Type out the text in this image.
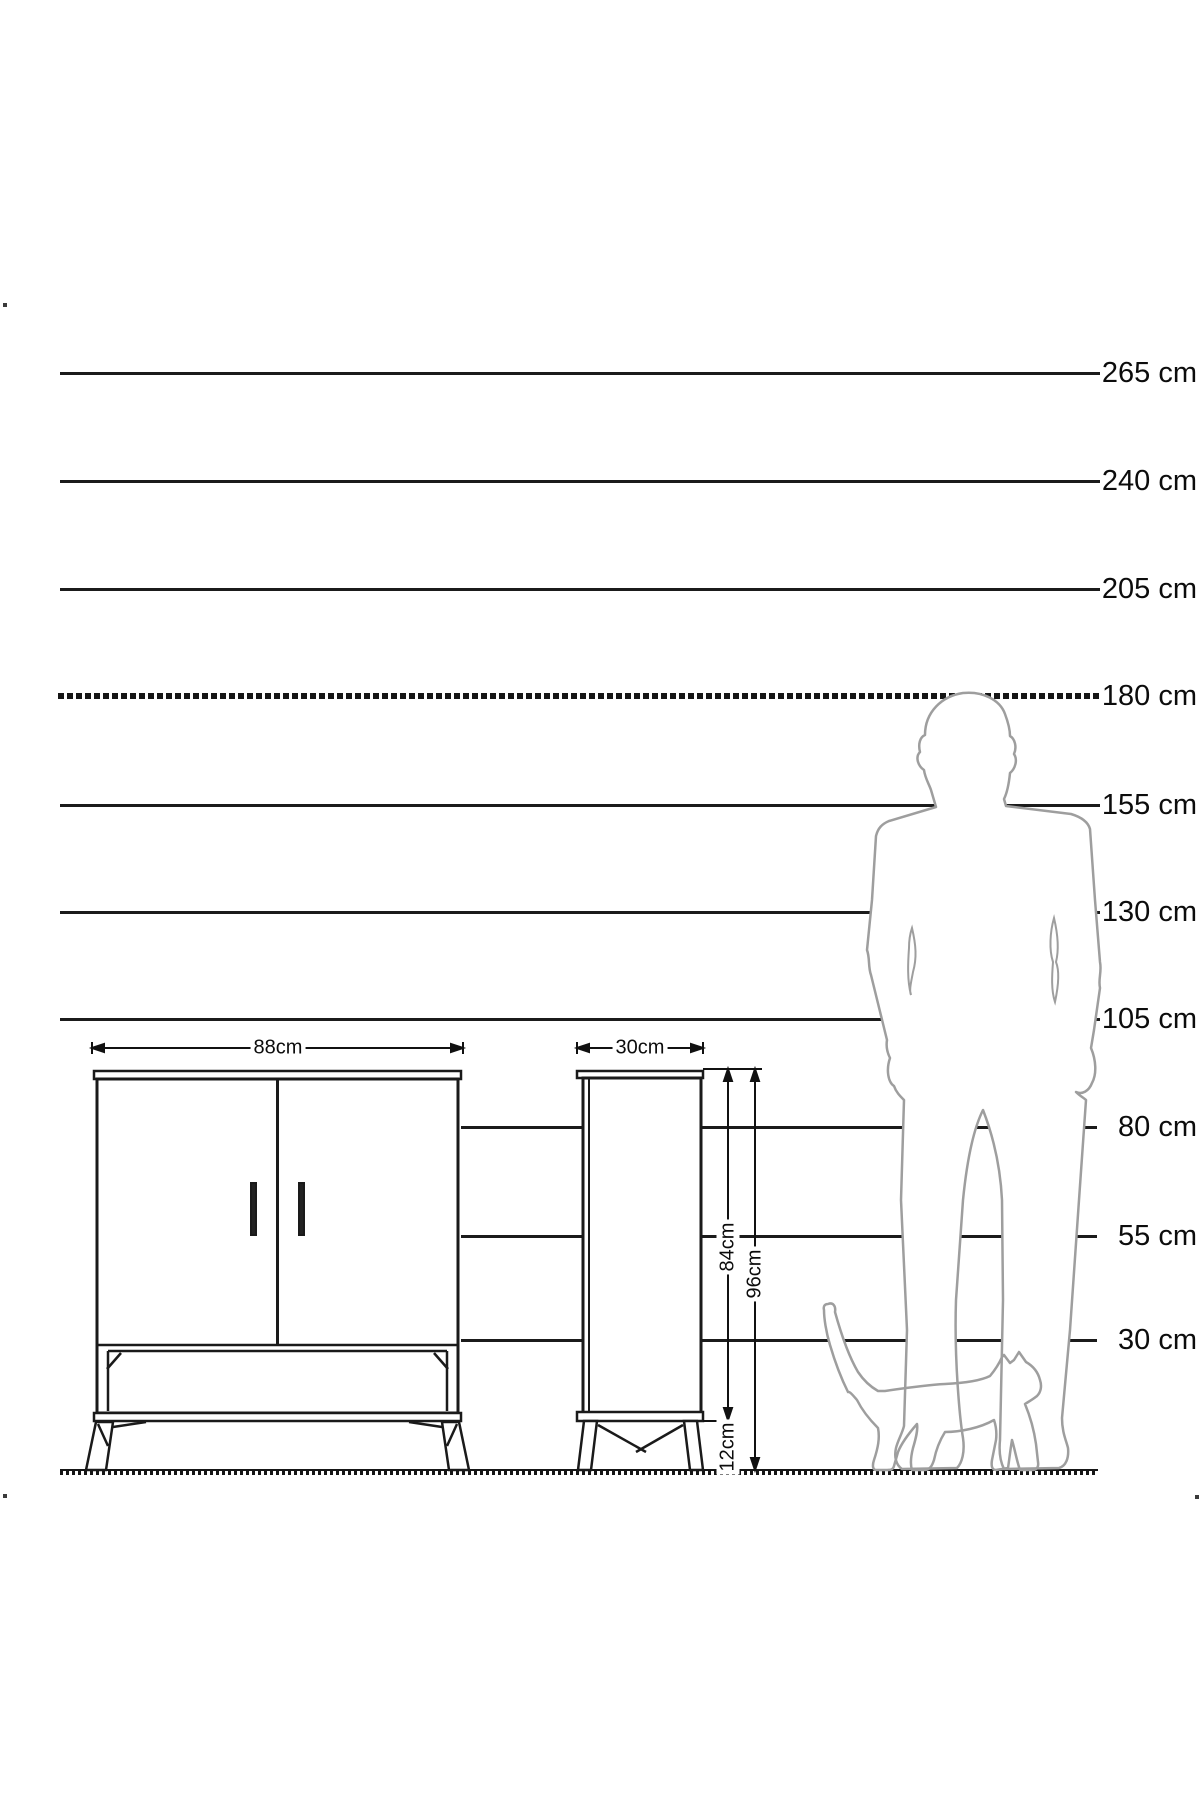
88cm	30cm
84cm
96cm
12cm
265 cm
240 cm
205 cm
180 cm
155 cm
130 cm
105 cm
80 cm
55 cm
30 cm
